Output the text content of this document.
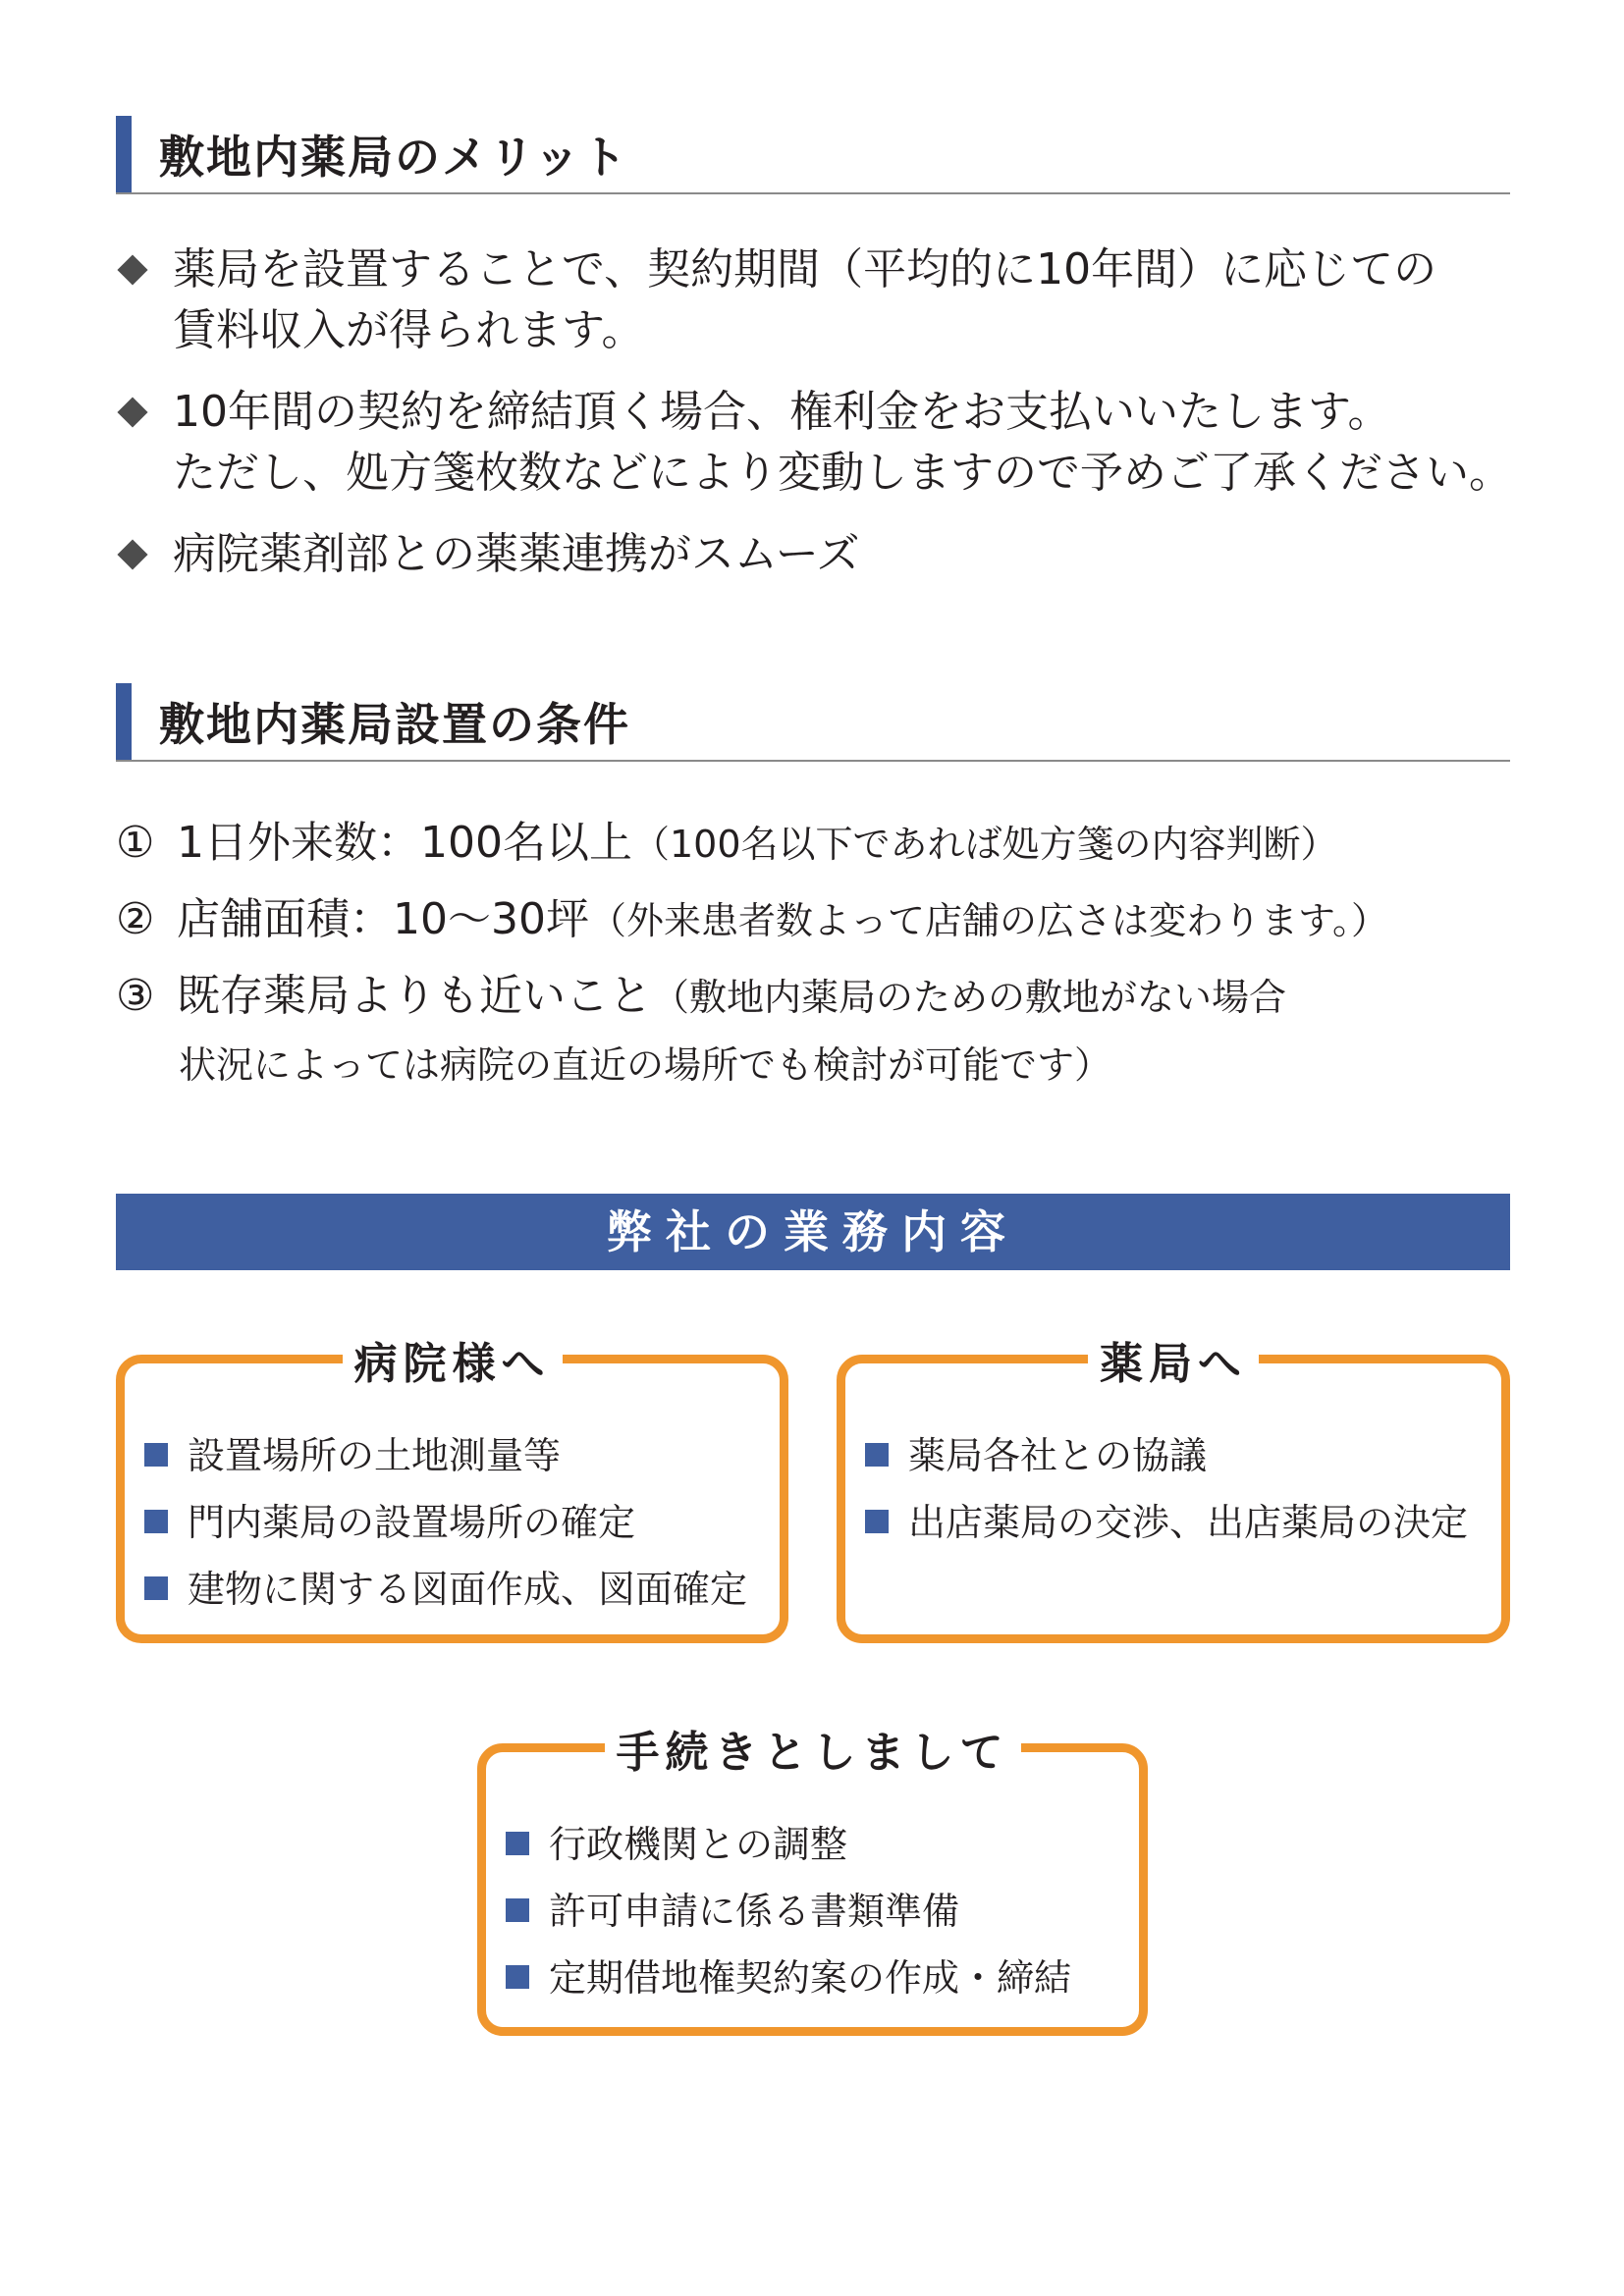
敷地内薬局のメリット
薬局を設置することで、契約期間（平均的に10年間）に応じての
賃料収入が得られます。
10年間の契約を締結頂く場合、権利金をお支払いいたします。
ただし、処方箋枚数などにより変動しますので予めご了承ください。
病院薬剤部との薬薬連携がスムーズ
敷地内薬局設置の条件
① 1日外来数：100名以上（100名以下であれば処方箋の内容判断）
② 店舗面積：10〜30坪（外来患者数よって店舗の広さは変わります。）
③ 既存薬局よりも近いこと（敷地内薬局のための敷地がない場合
状況によっては病院の直近の場所でも検討が可能です）
弊社の業務内容
病院様へ
設置場所の土地測量等
門内薬局の設置場所の確定
建物に関する図面作成、図面確定
薬局へ
薬局各社との協議
出店薬局の交渉、出店薬局の決定
手続きとしまして
行政機関との調整
許可申請に係る書類準備
定期借地権契約案の作成・締結
